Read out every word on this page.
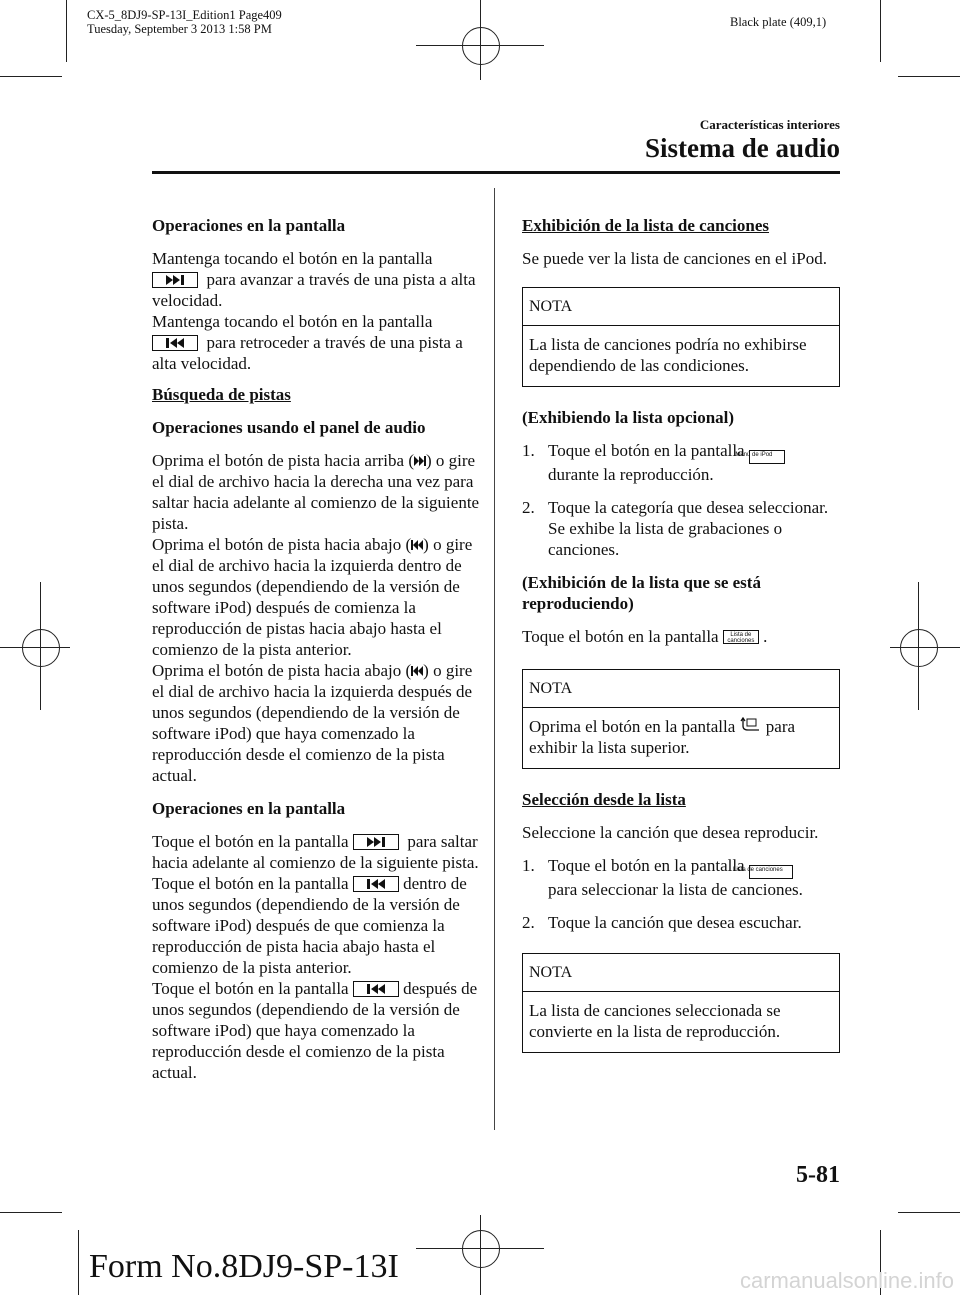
CX-5_8DJ9-SP-13I_Edition1 Page409
Tuesday, September 3 2013 1:58 PM	Black plate (409,1)
Características interiores
Sistema de audio

Operaciones en la pantalla

Mantenga tocando el botón en la pantalla
para avanzar a través de una pista a alta velocidad.
Mantenga tocando el botón en la pantalla
para retroceder a través de una pista a alta velocidad.

Búsqueda de pistas

Operaciones usando el panel de audio

Oprima el botón de pista hacia arriba ( ) o gire el dial de archivo hacia la derecha una vez para saltar hacia adelante al comienzo de la siguiente pista.
Oprima el botón de pista hacia abajo ( ) o gire el dial de archivo hacia la izquierda dentro de unos segundos (dependiendo de la versión de software iPod) después de comienza la reproducción de pistas hacia abajo hasta el comienzo de la pista anterior.
Oprima el botón de pista hacia abajo ( ) o gire el dial de archivo hacia la izquierda después de unos segundos (dependiendo de la versión de software iPod) que haya comenzado la reproducción desde el comienzo de la pista actual.

Operaciones en la pantalla

Toque el botón en la pantalla	para saltar hacia adelante al comienzo de la siguiente pista.
Toque el botón en la pantalla	dentro de unos segundos (dependiendo de la versión de software iPod) después de que comienza la reproducción de pista hacia abajo hasta el comienzo de la pista anterior.
Toque el botón en la pantalla	después de unos segundos (dependiendo de la versión de software iPod) que haya comenzado la reproducción desde el comienzo de la pista actual.

Exhibición de la lista de canciones

Se puede ver la lista de canciones en el iPod.

NOTA
La lista de canciones podría no exhibirse dependiendo de las condiciones.

(Exhibiendo la lista opcional)

1. Toque el botón en la pantalla Menú de iPod
durante la reproducción.

2. Toque la categoría que desea seleccionar. Se exhibe la lista de grabaciones o canciones.

(Exhibición de la lista que se está reproduciendo)

Toque el botón en la pantalla Lista de canciones .

NOTA
Oprima el botón en la pantalla para exhibir la lista superior.

Selección desde la lista

Seleccione la canción que desea reproducir.

1. Toque el botón en la pantalla Lista de canciones
para seleccionar la lista de canciones.

2. Toque la canción que desea escuchar.

NOTA
La lista de canciones seleccionada se convierte en la lista de reproducción.
5-81
Form No.8DJ9-SP-13I	carmanualsonline.info
